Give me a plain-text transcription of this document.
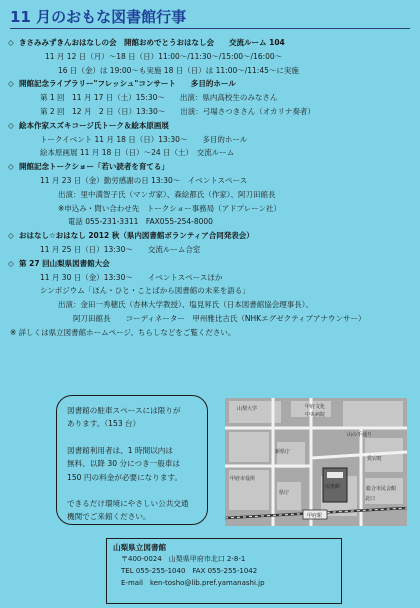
11 月のおもな図書館行事
◇ きさみみずきんおはなしの会　開館おめでとうおはなし会　　交流ルーム 104
11 月 12 日（月）～18 日（日）11:00～/11:30～/15:00～/16:00～
16 日（金）は 19:00～も実施 18 日（日）は 11:00～/11:45～に実施
◇ 開館記念ライブラリー"フレッシュ"コンサート　　多目的ホール
第 1 回　11 月 17 日（土）15:30～　　出演：県内高校生のみなさん
第 2 回　12 月　2 日（日）13:30～　　出演：弓場さつきさん（オカリナ奏者）
◇ 絵本作家スズキコージ氏トーク＆絵本原画展
トークイベント 11 月 18 日（日）13:30～　　多目的ホール
絵本原画展 11 月 18 日（日）～24 日（土）　交流ルーム
◇ 開館記念トークショー「若い読者を育てる」
11 月 23 日（金）勤労感謝の日 13:30～　イベントスペース
出演：里中満智子氏（マンガ家）、森絵都氏（作家）、阿刀田館長
※申込み・問い合わせ先　トークショー事務局（アドプレーン社）
　 電話 055-231-3311　FAX055-254-8000
◇ おはなし☆おはなし 2012 秋（県内図書館ボランティア合同発表会）
11 月 25 日（日）13:30～　　交流ルーム合室
◇ 第 27 回山梨県図書館大会
11 月 30 日（金）13:30～　　イベントスペースほか
シンポジウム「ほん・ひと・ことばから図書館の未来を語る」
出演：金田一秀穂氏（杏林大学教授）、塩見昇氏（日本図書館協会理事長）、
　　阿刀田館長　　コーディネーター　甲州雅比古氏（NHKエグゼクティブアナウンサー）
※ 詳しくは県立図書館ホームページ、ちらしなどをご覧ください。

図書館の駐車スペースには限りが

あります。（153 台）

図書館利用者は、1 時間以内は

無料、以降 30 分につき一般車は

150 円の料金が必要になります。

できるだけ環境にやさしい公共交通

機関でご来館ください。

山梨大学	甲府文化
中央病院
山の手通り
新県庁
甲府市役所
県庁
図書館
愛宕町
総合市民会館
北口
甲府駅
山梨県立図書館
〒400-0024　山梨県甲府市北口 2-8-1
TEL 055-255-1040　FAX 055-255-1042
E-mail　ken-tosho@lib.pref.yamanashi.jp
